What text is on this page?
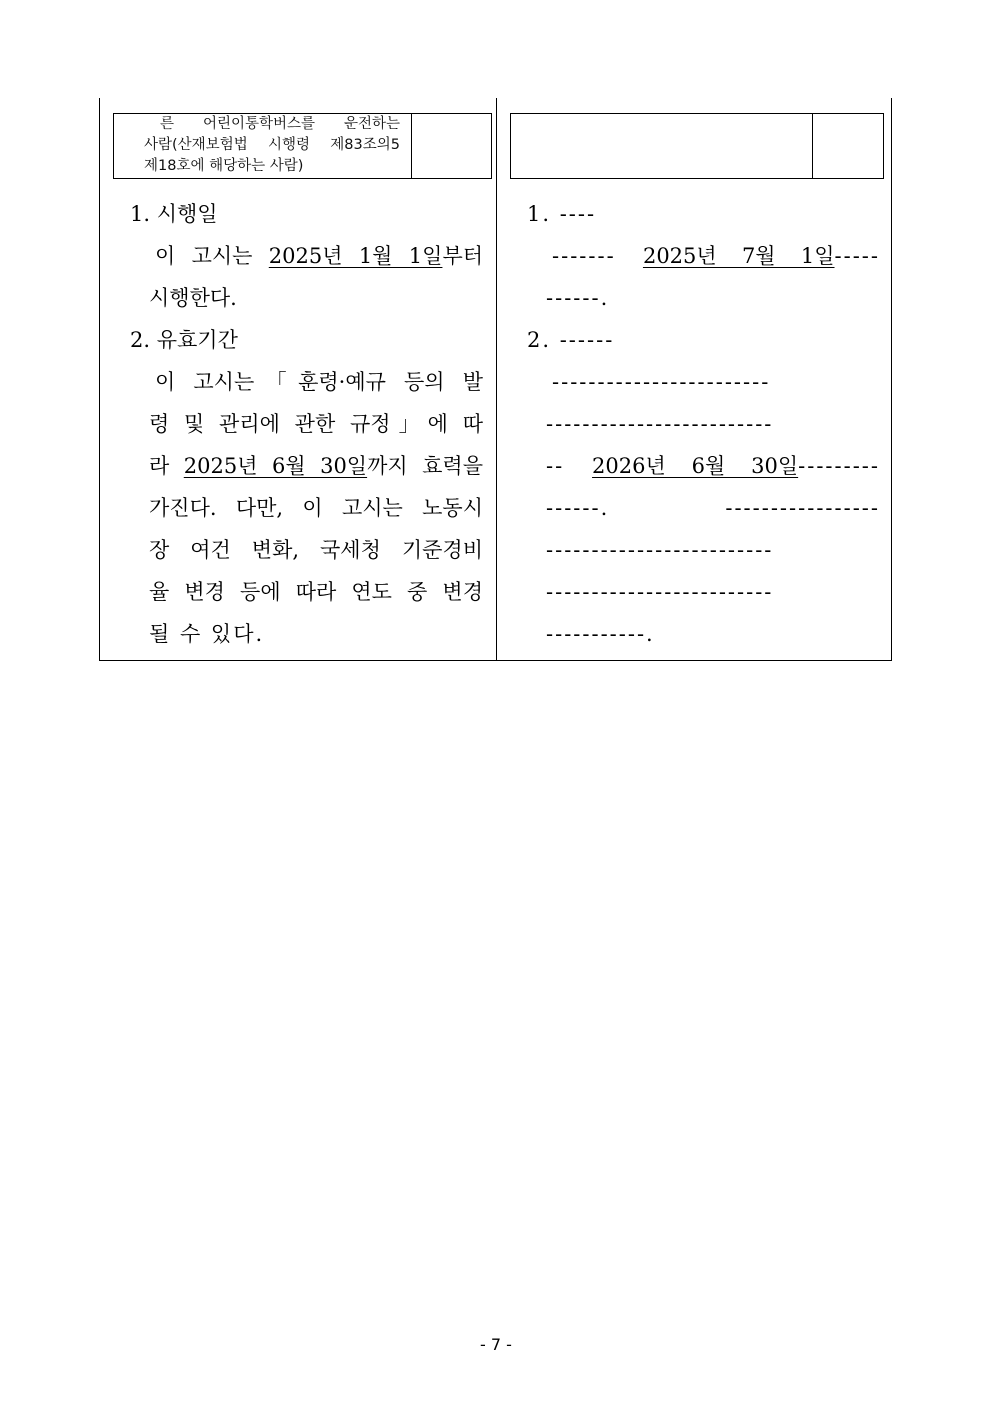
른 어린이통학버스를 운전하는
사람(산재보험법 시행령 제83조의5
제18호에 해당하는 사람)
1. 시행일
이 고시는 2025년 1월 1일부터
시행한다.
2. 유효기간
이 고시는「훈령·예규 등의 발
령 및 관리에 관한 규정」에 따
라 2025년 6월 30일까지 효력을
가진다. 다만, 이 고시는 노동시
장 여건 변화, 국세청 기준경비
율 변경 등에 따라 연도 중 변경
될 수 있다.
1. ----
------- 2025년 7월 1일-----
------.
2. ------
------------------------
-------------------------
-- 2026년 6월 30일---------
------. -----------------
-------------------------
-------------------------
-----------.
- 7 -
